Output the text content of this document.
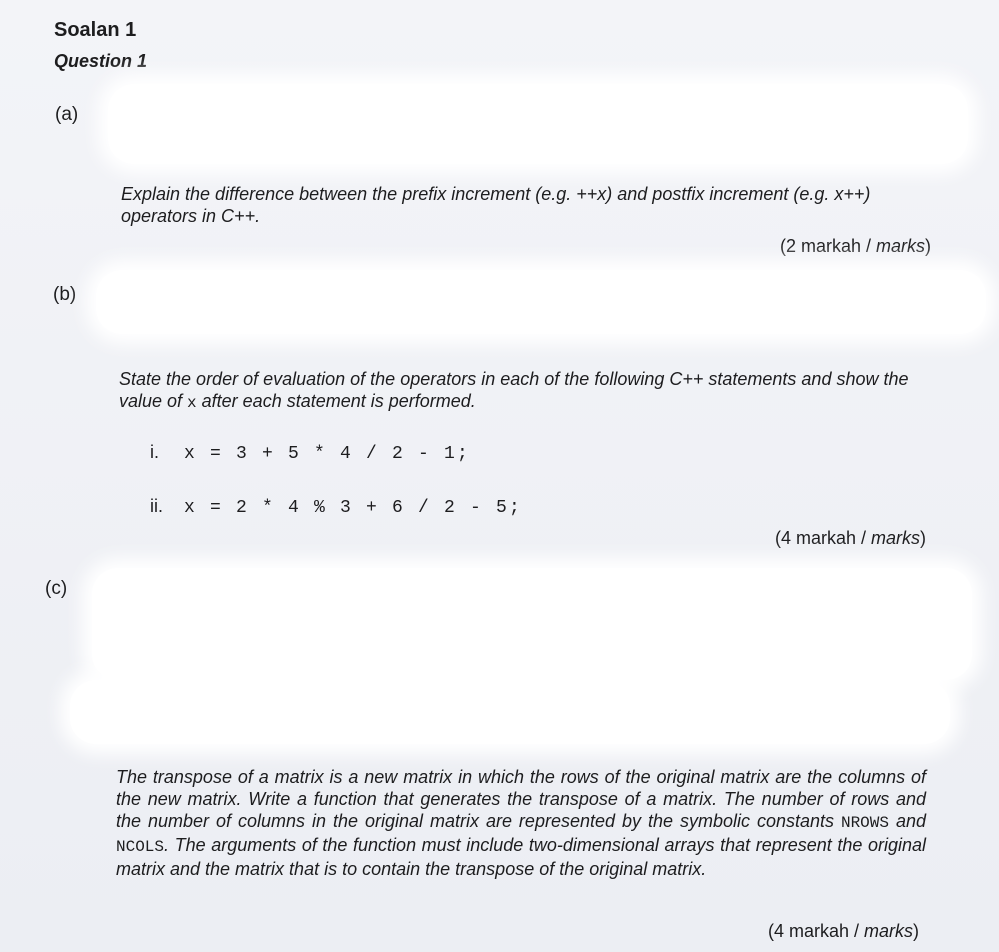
Soalan 1
Question 1
(a)
Explain the difference between the prefix increment (e.g. ++x) and postfix increment (e.g. x++) operators in C++.
(2 markah / marks)
(b)
State the order of evaluation of the operators in each of the following C++ statements and show the value of x after each statement is performed.
i. x = 3 + 5 * 4 / 2 - 1;
ii. x = 2 * 4 % 3 + 6 / 2 - 5;
(4 markah / marks)
(c)
The transpose of a matrix is a new matrix in which the rows of the original matrix are the columns of the new matrix. Write a function that generates the transpose of a matrix. The number of rows and the number of columns in the original matrix are represented by the symbolic constants NROWS and NCOLS. The arguments of the function must include two-dimensional arrays that represent the original matrix and the matrix that is to contain the transpose of the original matrix.
(4 markah / marks)
